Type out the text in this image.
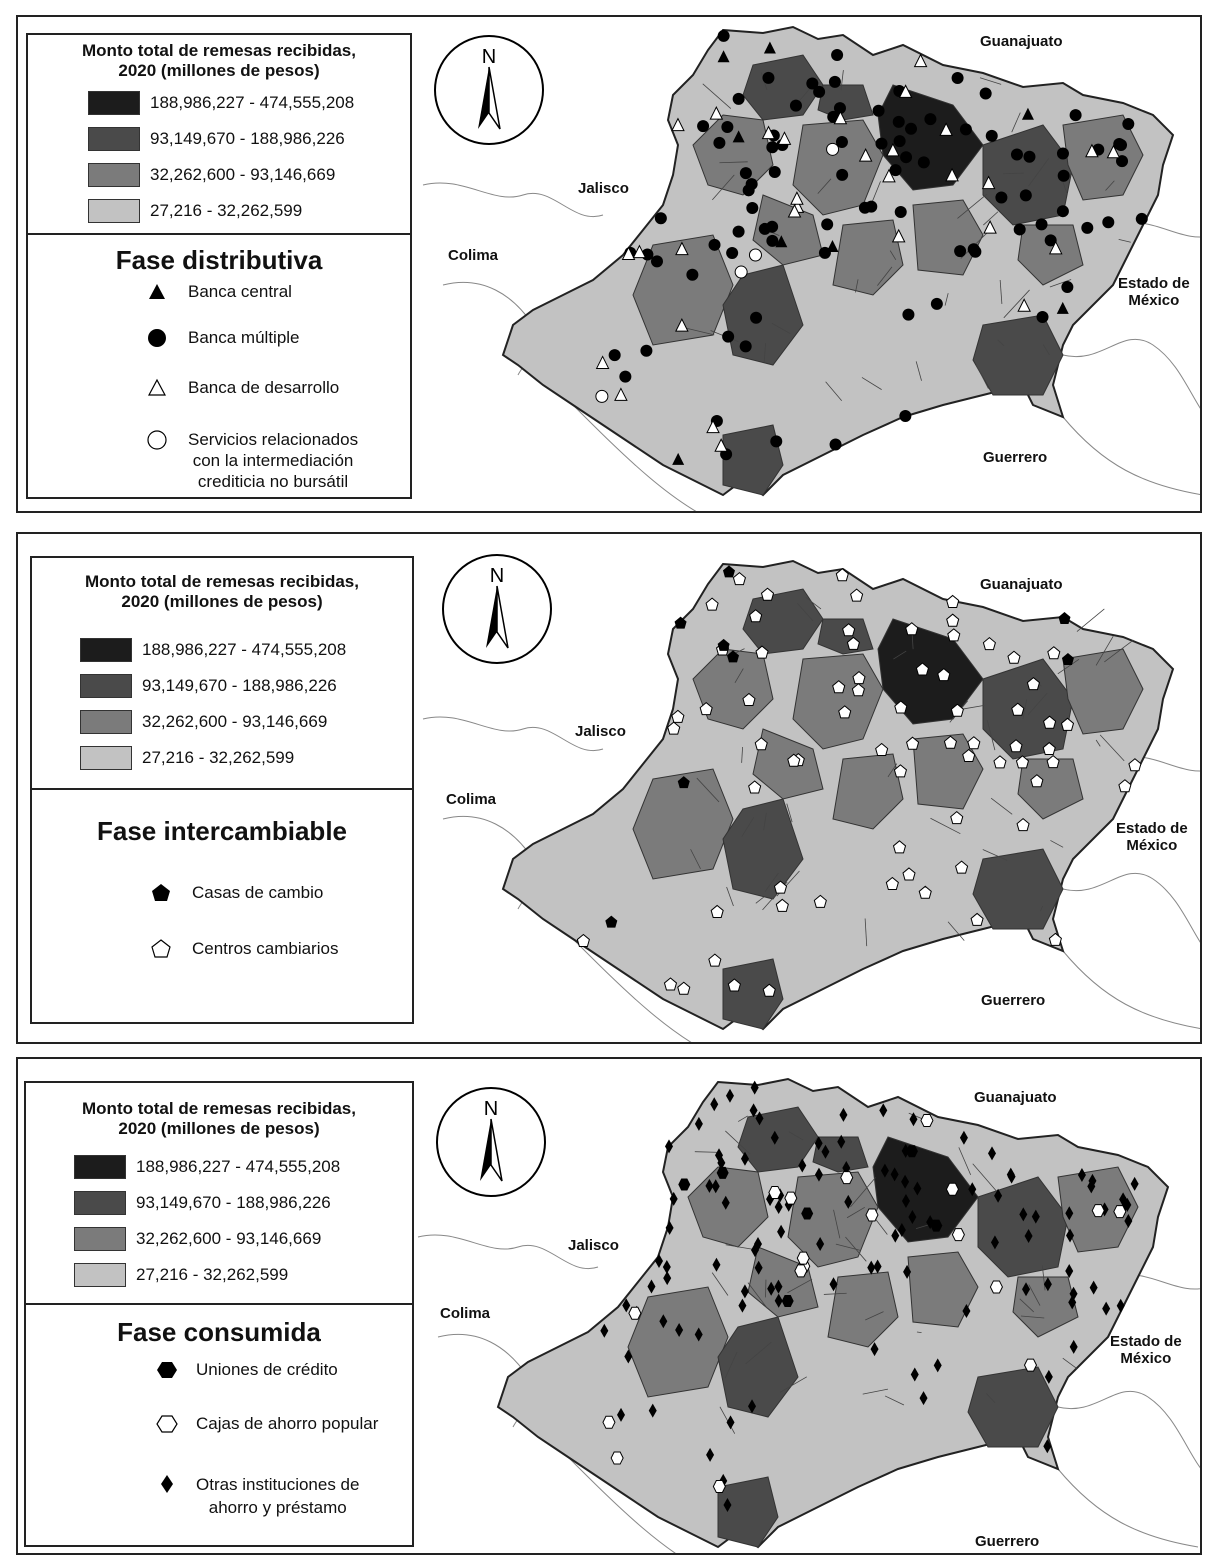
Monto total de remesas recibidas,
2020 (millones de pesos)
188,986,227 - 474,555,208
93,149,670 - 188,986,226
32,262,600 - 93,146,669
27,216 - 32,262,599
Fase distributiva
Banca central
Banca múltiple
Banca de desarrollo
Servicios relacionados
con la intermediación
crediticia no bursátil
N
Guanajuato
Jalisco
Colima
Estado de
México
Guerrero
Monto total de remesas recibidas,
2020 (millones de pesos)
188,986,227 - 474,555,208
93,149,670 - 188,986,226
32,262,600 - 93,146,669
27,216 - 32,262,599
Fase intercambiable
Casas de cambio
Centros cambiarios
N	Guanajuato
Jalisco
Colima
Estado de
México
Guerrero
Monto total de remesas recibidas,
2020 (millones de pesos)
188,986,227 - 474,555,208
93,149,670 - 188,986,226
32,262,600 - 93,146,669
27,216 - 32,262,599
Fase consumida
Uniones de crédito
Cajas de ahorro popular
Otras instituciones de
ahorro y préstamo
N
Guanajuato
Jalisco
Colima
Estado de
México
Guerrero
